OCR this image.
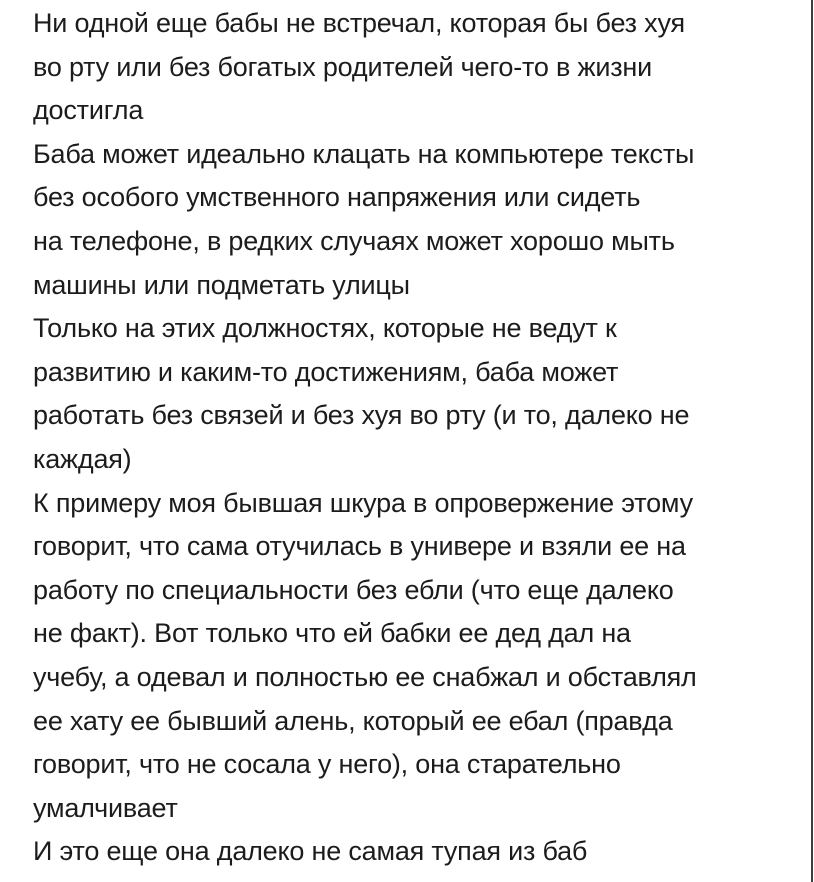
Ни одной еще бабы не встречал, которая бы без хуя
во рту или без богатых родителей чего-то в жизни
достигла
Баба может идеально клацать на компьютере тексты
без особого умственного напряжения или сидеть
на телефоне, в редких случаях может хорошо мыть
машины или подметать улицы
Только на этих должностях, которые не ведут к
развитию и каким-то достижениям, баба может
работать без связей и без хуя во рту (и то, далеко не
каждая)
К примеру моя бывшая шкура в опровержение этому
говорит, что сама отучилась в универе и взяли ее на
работу по специальности без ебли (что еще далеко
не факт). Вот только что ей бабки ее дед дал на
учебу, а одевал и полностью ее снабжал и обставлял
ее хату ее бывший алень, который ее ебал (правда
говорит, что не сосала у него), она старательно
умалчивает
И это еще она далеко не самая тупая из баб
